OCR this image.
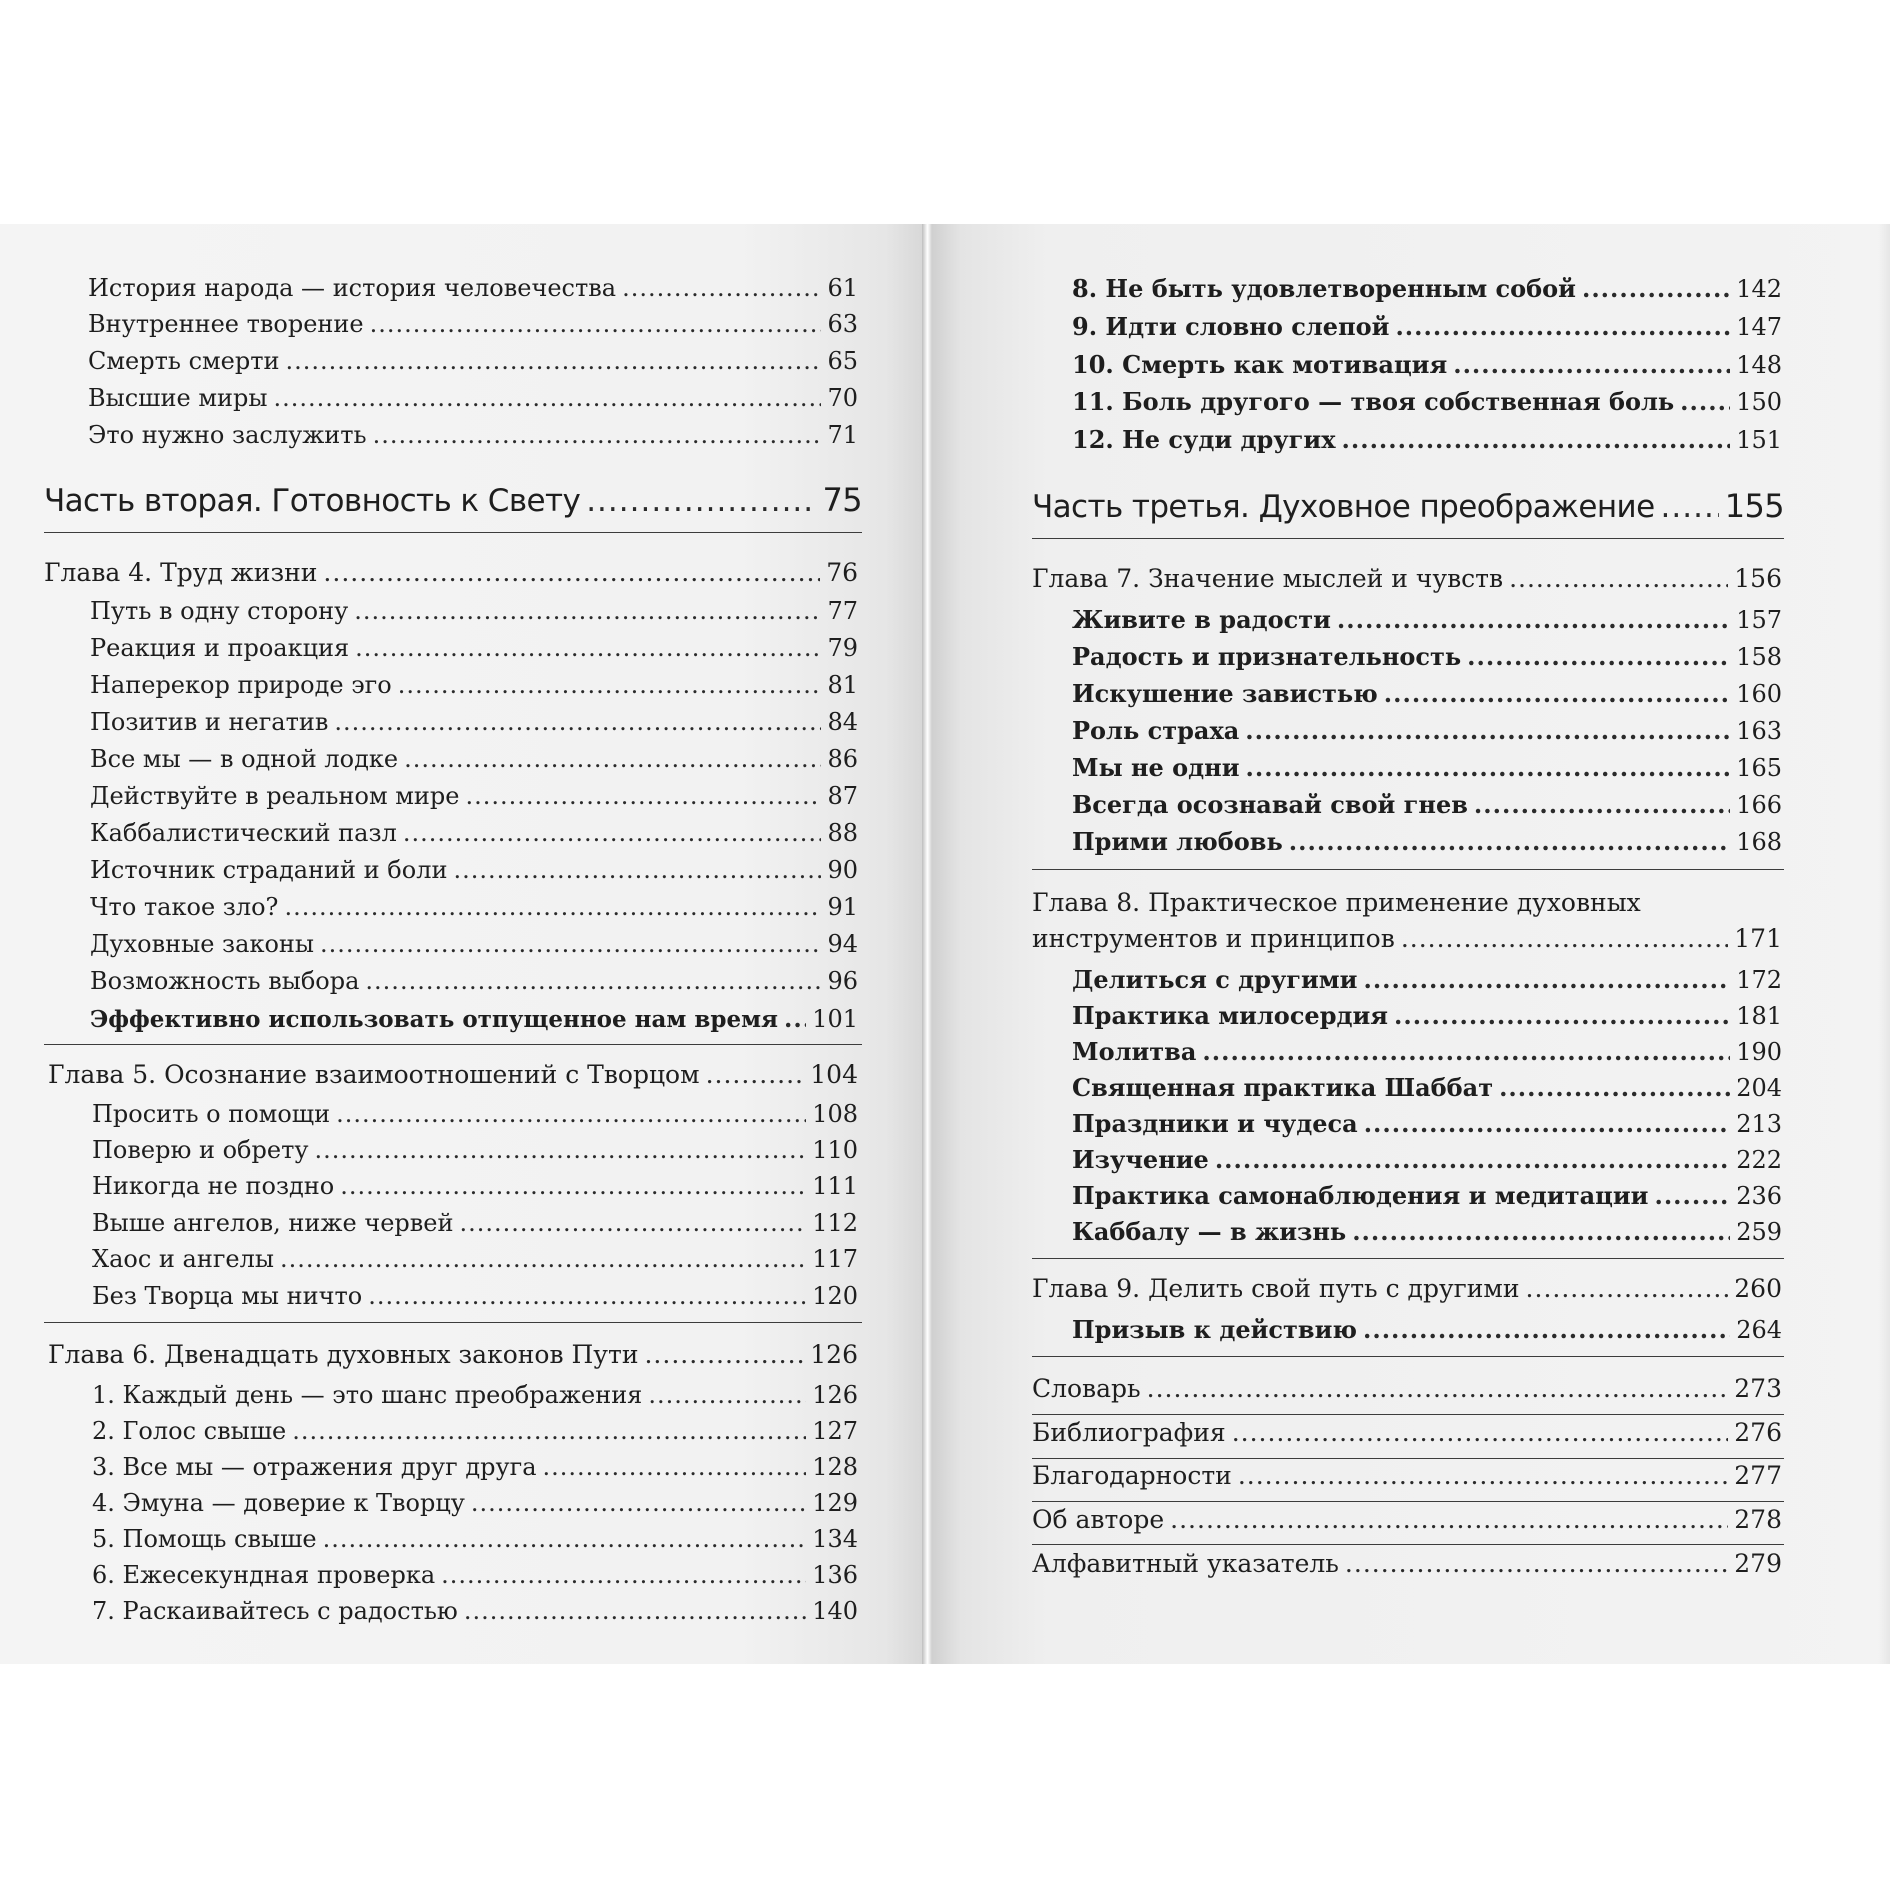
История народа — история человечества .....	61
Внутреннее творение .....	63
Смерть смерти .....	65
Высшие миры .....	70
Это нужно заслужить .....	71
Часть вторая. Готовность к Свету .....	75
Глава 4. Труд жизни .....	76
Путь в одну сторону .....	77
Реакция и проакция .....	79
Наперекор природе эго .....	81
Позитив и негатив .....	84
Все мы — в одной лодке .....	86
Действуйте в реальном мире .....	87
Каббалистический пазл .....	88
Источник страданий и боли .....	90
Что такое зло? .....	91
Духовные законы .....	94
Возможность выбора .....	96
Эффективно использовать отпущенное нам время ..... 101
Глава 5. Осознание взаимоотношений с Творцом .....	104
Просить о помощи .....	108
Поверю и обрету .....	110
Никогда не поздно .....	111
Выше ангелов, ниже червей .....	112
Хаос и ангелы .....	117
Без Творца мы ничто .....	120
Глава 6. Двенадцать духовных законов Пути .....	126
1. Каждый день — это шанс преображения .....	126
2. Голос свыше .....	127
3. Все мы — отражения друг друга .....	128
4. Эмуна — доверие к Творцу .....	129
5. Помощь свыше .....	134
6. Ежесекундная проверка .....	136
7. Раскаивайтесь с радостью .....	140
8. Не быть удовлетворенным собой .....	142
9. Идти словно слепой .....	147
10. Смерть как мотивация .....	148
11. Боль другого — твоя собственная боль .....	150
12. Не суди других .....	151
Часть третья. Духовное преображение ..... 155
Глава 7. Значение мыслей и чувств .....	156
Живите в радости .....	157
Радость и признательность .....	158
Искушение завистью .....	160
Роль страха .....	163
Мы не одни .....	165
Всегда осознавай свой гнев .....	166
Прими любовь .....	168
Глава 8. Практическое применение духовных
инструментов и принципов .....	171
Делиться с другими .....	172
Практика милосердия .....	181
Молитва .....	190
Священная практика Шаббат .....	204
Праздники и чудеса .....	213
Изучение .....	222
Практика самонаблюдения и медитации .....	236
Каббалу — в жизнь .....	259
Глава 9. Делить свой путь с другими .....	260
Призыв к действию .....	264
Словарь .....	273
Библиография .....	276
Благодарности .....	277
Об авторе .....	278
Алфавитный указатель .....	279
